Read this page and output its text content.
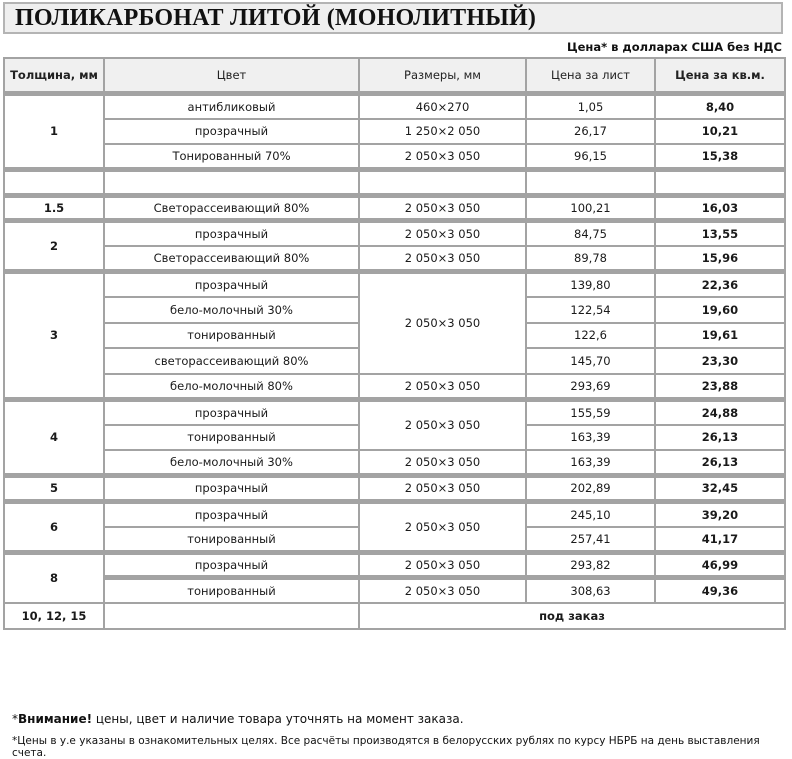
ПОЛИКАРБОНАТ ЛИТОЙ (МОНОЛИТНЫЙ)
Цена* в долларах США без НДС
Толщина, мм	Цвет	Размеры, мм	Цена за лист	Цена за кв.м.
1	антибликовый	460×270	1,05	8,40
	прозрачный	1 250×2 050	26,17	10,21
	Тонированный 70%	2 050×3 050	96,15	15,38

1.5	Светорассеивающий 80%	2 050×3 050	100,21	16,03
2	прозрачный	2 050×3 050	84,75	13,55
	Светорассеивающий 80%	2 050×3 050	89,78	15,96
3	прозрачный	2 050×3 050	139,80	22,36
	бело-молочный 30%		122,54	19,60
	тонированный		122,6	19,61
	светорассеивающий 80%		145,70	23,30
	бело-молочный 80%	2 050×3 050	293,69	23,88
4	прозрачный	2 050×3 050	155,59	24,88
	тонированный		163,39	26,13
	бело-молочный 30%	2 050×3 050	163,39	26,13
5	прозрачный	2 050×3 050	202,89	32,45
6	прозрачный	2 050×3 050	245,10	39,20
	тонированный		257,41	41,17
8	прозрачный	2 050×3 050	293,82	46,99
	тонированный	2 050×3 050	308,63	49,36
10, 12, 15		под заказ		
*Внимание! цены, цвет и наличие товара уточнять на момент заказа.
*Цены в у.е указаны в ознакомительных целях. Все расчёты производятся в белорусских рублях по курсу НБРБ на день выставления счета.
